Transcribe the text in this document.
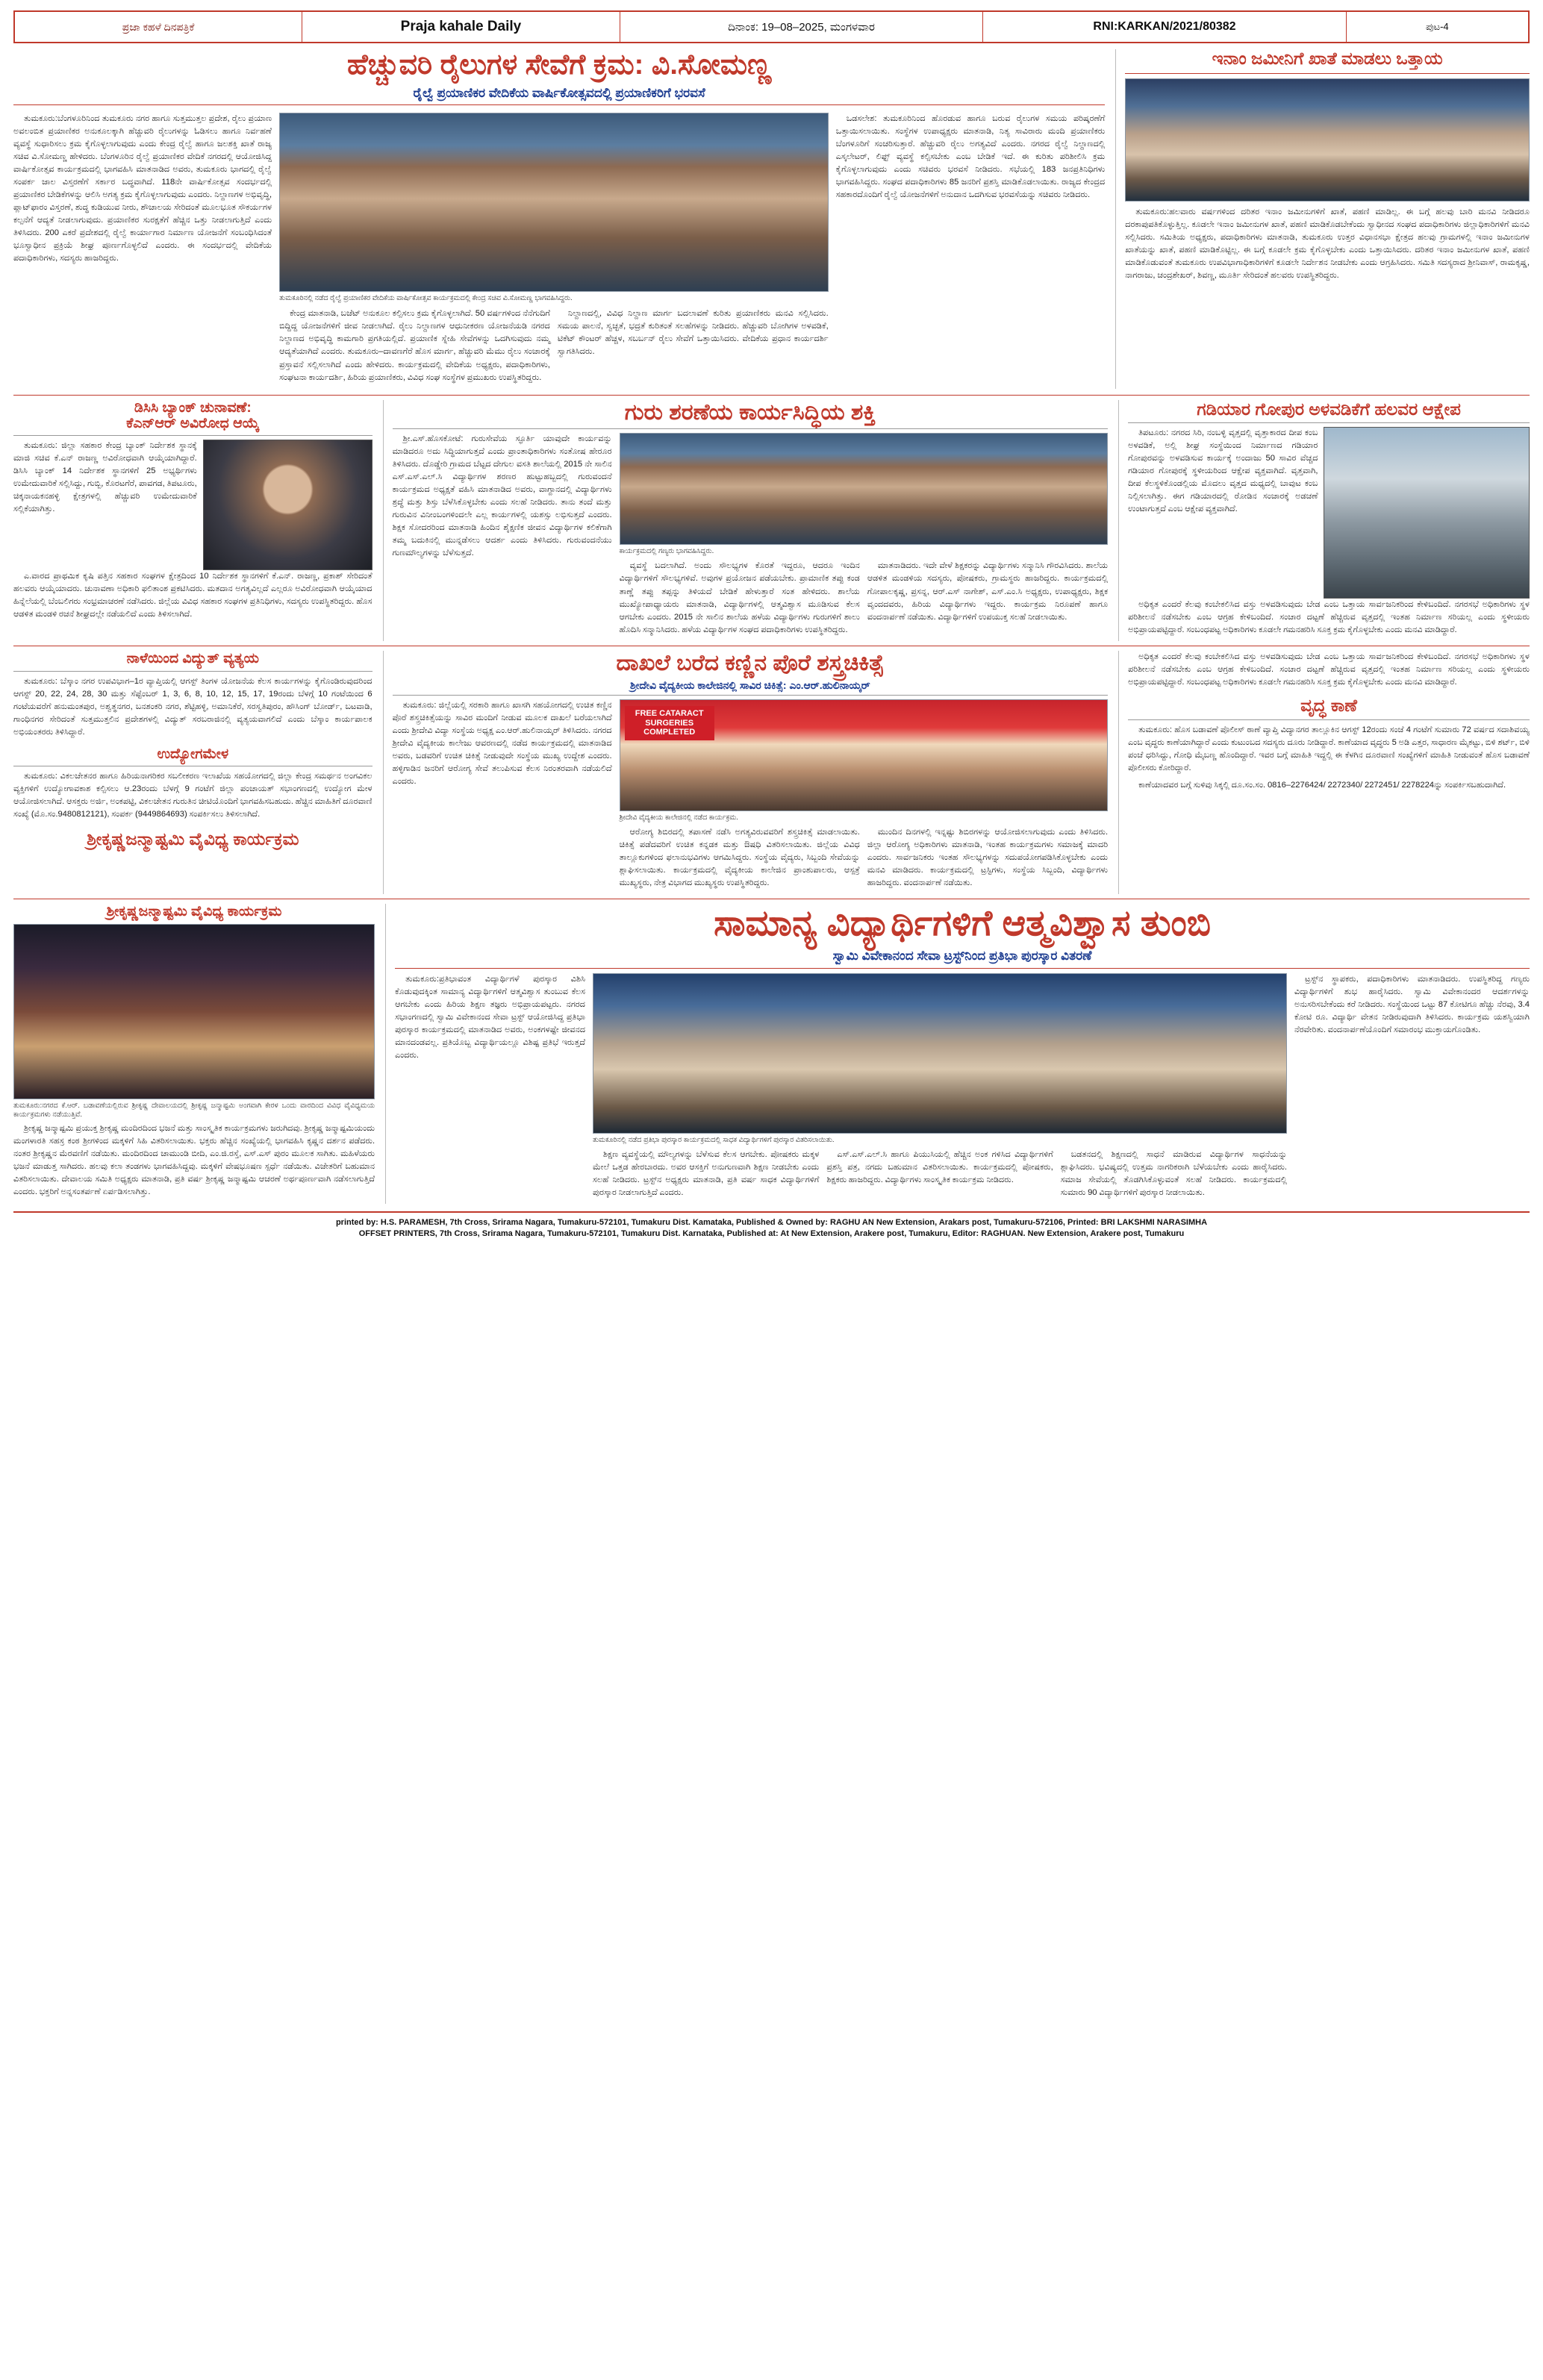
ಪ್ರಜಾ ಕಹಳೆ ದಿನಪತ್ರಿಕೆ	Praja kahale Daily	ದಿನಾಂಕ: 19–08–2025, ಮಂಗಳವಾರ	RNI:KARKAN/2021/80382	ಪುಟ-4
ಹೆಚ್ಚುವರಿ ರೈಲುಗಳ ಸೇವೆಗೆ ಕ್ರಮ: ವಿ.ಸೋಮಣ್ಣ
ರೈಲ್ವೆ ಪ್ರಯಾಣಿಕರ ವೇದಿಕೆಯ ವಾರ್ಷಿಕೋತ್ಸವದಲ್ಲಿ ಪ್ರಯಾಣಿಕರಿಗೆ ಭರವಸೆ

ತುಮಕೂರು:ಬೆಂಗಳೂರಿನಿಂದ ತುಮಕೂರು ನಗರ ಹಾಗೂ ಸುತ್ತಮುತ್ತಲ ಪ್ರದೇಶ, ರೈಲು ಪ್ರಯಾಣ ಅವಲಂಬಿತ ಪ್ರಯಾಣಿಕರ ಅನುಕೂಲಕ್ಕಾಗಿ ಹೆಚ್ಚುವರಿ ರೈಲುಗಳನ್ನು ಓಡಿಸಲು ಹಾಗೂ ನಿರ್ವಹಣೆ ವ್ಯವಸ್ಥೆ ಸುಧಾರಿಸಲು ಕ್ರಮ ಕೈಗೊಳ್ಳಲಾಗುವುದು ಎಂದು ಕೇಂದ್ರ ರೈಲ್ವೆ ಹಾಗೂ ಜಲಶಕ್ತಿ ಖಾತೆ ರಾಜ್ಯ ಸಚಿವ ವಿ.ಸೋಮಣ್ಣ ಹೇಳಿದರು. ಬೆಂಗಳೂರಿನ ರೈಲ್ವೆ ಪ್ರಯಾಣಿಕರ ವೇದಿಕೆ ನಗರದಲ್ಲಿ ಆಯೋಜಿಸಿದ್ದ ವಾರ್ಷಿಕೋತ್ಸವ ಕಾರ್ಯಕ್ರಮದಲ್ಲಿ ಭಾಗವಹಿಸಿ ಮಾತನಾಡಿದ ಅವರು, ತುಮಕೂರು ಭಾಗದಲ್ಲಿ ರೈಲ್ವೆ ಸಂಪರ್ಕ ಜಾಲ ವಿಸ್ತರಣೆಗೆ ಸರ್ಕಾರ ಬದ್ಧವಾಗಿದೆ. 118ನೇ ವಾರ್ಷಿಕೋತ್ಸವ ಸಂದರ್ಭದಲ್ಲಿ ಪ್ರಯಾಣಿಕರ ಬೇಡಿಕೆಗಳನ್ನು ಆಲಿಸಿ ಅಗತ್ಯ ಕ್ರಮ ಕೈಗೊಳ್ಳಲಾಗುವುದು ಎಂದರು. ನಿಲ್ದಾಣಗಳ ಅಭಿವೃದ್ಧಿ, ಪ್ಲಾಟ್‌ಫಾರಂ ವಿಸ್ತರಣೆ, ಶುದ್ಧ ಕುಡಿಯುವ ನೀರು, ಶೌಚಾಲಯ ಸೇರಿದಂತೆ ಮೂಲಭೂತ ಸೌಕರ್ಯಗಳ ಕಲ್ಪನೆಗೆ ಆದ್ಯತೆ ನೀಡಲಾಗುವುದು. ಪ್ರಯಾಣಿಕರ ಸುರಕ್ಷತೆಗೆ ಹೆಚ್ಚಿನ ಒತ್ತು ನೀಡಲಾಗುತ್ತಿದೆ ಎಂದು ತಿಳಿಸಿದರು. 200 ಎಕರೆ ಪ್ರದೇಶದಲ್ಲಿ ರೈಲ್ವೆ ಕಾರ್ಯಾಗಾರ ನಿರ್ಮಾಣ ಯೋಜನೆಗೆ ಸಂಬಂಧಿಸಿದಂತೆ ಭೂಸ್ವಾಧೀನ ಪ್ರಕ್ರಿಯೆ ಶೀಘ್ರ ಪೂರ್ಣಗೊಳ್ಳಲಿದೆ ಎಂದರು. ಈ ಸಂದರ್ಭದಲ್ಲಿ ವೇದಿಕೆಯ ಪದಾಧಿಕಾರಿಗಳು, ಸದಸ್ಯರು ಹಾಜರಿದ್ದರು.

ತುಮಕೂರಿನಲ್ಲಿ ನಡೆದ ರೈಲ್ವೆ ಪ್ರಯಾಣಿಕರ ವೇದಿಕೆಯ ವಾರ್ಷಿಕೋತ್ಸವ ಕಾರ್ಯಕ್ರಮದಲ್ಲಿ ಕೇಂದ್ರ ಸಚಿವ ವಿ.ಸೋಮಣ್ಣ ಭಾಗವಹಿಸಿದ್ದರು.

ಕೇಂದ್ರ ಮಾತನಾಡಿ, ಬಜೆಟ್ ಅನುಕೂಲ ಕಲ್ಪಿಸಲು ಕ್ರಮ ಕೈಗೊಳ್ಳಲಾಗಿದೆ. 50 ವರ್ಷಗಳಿಂದ ನೆನೆಗುದಿಗೆ ಬಿದ್ದಿದ್ದ ಯೋಜನೆಗಳಿಗೆ ಜೀವ ನೀಡಲಾಗಿದೆ. ರೈಲು ನಿಲ್ದಾಣಗಳ ಆಧುನೀಕರಣ ಯೋಜನೆಯಡಿ ನಗರದ ನಿಲ್ದಾಣದ ಅಭಿವೃದ್ಧಿ ಕಾಮಗಾರಿ ಪ್ರಗತಿಯಲ್ಲಿದೆ. ಪ್ರಯಾಣಿಕ ಸ್ನೇಹಿ ಸೇವೆಗಳನ್ನು ಒದಗಿಸುವುದು ನಮ್ಮ ಆದ್ಯತೆಯಾಗಿದೆ ಎಂದರು. ತುಮಕೂರು–ದಾವಣಗೆರೆ ಹೊಸ ಮಾರ್ಗ, ಹೆಚ್ಚುವರಿ ಮೆಮು ರೈಲು ಸಂಚಾರಕ್ಕೆ ಪ್ರಸ್ತಾವನೆ ಸಲ್ಲಿಸಲಾಗಿದೆ ಎಂದು ಹೇಳಿದರು. ಕಾರ್ಯಕ್ರಮದಲ್ಲಿ ವೇದಿಕೆಯ ಅಧ್ಯಕ್ಷರು, ಪದಾಧಿಕಾರಿಗಳು, ಸಂಘಟನಾ ಕಾರ್ಯದರ್ಶಿ, ಹಿರಿಯ ಪ್ರಯಾಣಿಕರು, ವಿವಿಧ ಸಂಘ ಸಂಸ್ಥೆಗಳ ಪ್ರಮುಖರು ಉಪಸ್ಥಿತರಿದ್ದರು.

ನಿಲ್ದಾಣದಲ್ಲಿ, ವಿವಿಧ ನಿಲ್ದಾಣ ಮಾರ್ಗ ಬದಲಾವಣೆ ಕುರಿತು ಪ್ರಯಾಣಿಕರು ಮನವಿ ಸಲ್ಲಿಸಿದರು. ಸಮಯ ಪಾಲನೆ, ಸ್ವಚ್ಛತೆ, ಭದ್ರತೆ ಕುರಿತಂತೆ ಸಲಹೆಗಳನ್ನು ನೀಡಿದರು. ಹೆಚ್ಚುವರಿ ಬೋಗಿಗಳ ಅಳವಡಿಕೆ, ಟಿಕೆಟ್ ಕೌಂಟರ್ ಹೆಚ್ಚಳ, ಸಬರ್ಬನ್ ರೈಲು ಸೇವೆಗೆ ಒತ್ತಾಯಿಸಿದರು. ವೇದಿಕೆಯ ಪ್ರಧಾನ ಕಾರ್ಯದರ್ಶಿ ಸ್ವಾಗತಿಸಿದರು.

ಒಡಸಲೇಶ: ತುಮಕೂರಿನಿಂದ ಹೊರಡುವ ಹಾಗೂ ಬರುವ ರೈಲುಗಳ ಸಮಯ ಪರಿಷ್ಕರಣೆಗೆ ಒತ್ತಾಯಿಸಲಾಯಿತು. ಸಂಸ್ಥೆಗಳ ಉಪಾಧ್ಯಕ್ಷರು ಮಾತನಾಡಿ, ನಿತ್ಯ ಸಾವಿರಾರು ಮಂದಿ ಪ್ರಯಾಣಿಕರು ಬೆಂಗಳೂರಿಗೆ ಸಂಚರಿಸುತ್ತಾರೆ. ಹೆಚ್ಚುವರಿ ರೈಲು ಅಗತ್ಯವಿದೆ ಎಂದರು. ನಗರದ ರೈಲ್ವೆ ನಿಲ್ದಾಣದಲ್ಲಿ ಎಸ್ಕಲೇಟರ್, ಲಿಫ್ಟ್ ವ್ಯವಸ್ಥೆ ಕಲ್ಪಿಸಬೇಕು ಎಂಬ ಬೇಡಿಕೆ ಇದೆ. ಈ ಕುರಿತು ಪರಿಶೀಲಿಸಿ ಕ್ರಮ ಕೈಗೊಳ್ಳಲಾಗುವುದು ಎಂದು ಸಚಿವರು ಭರವಸೆ ನೀಡಿದರು. ಸಭೆಯಲ್ಲಿ 183 ಜನಪ್ರತಿನಿಧಿಗಳು ಭಾಗವಹಿಸಿದ್ದರು. ಸಂಘದ ಪದಾಧಿಕಾರಿಗಳು 85 ಜನರಿಗೆ ಪ್ರಶಸ್ತಿ ಮಾಡಿಕೊಡಲಾಯಿತು. ರಾಜ್ಯದ ಕೇಂದ್ರದ ಸಹಕಾರದೊಂದಿಗೆ ರೈಲ್ವೆ ಯೋಜನೆಗಳಿಗೆ ಅನುದಾನ ಒದಗಿಸುವ ಭರವಸೆಯನ್ನು ಸಚಿವರು ನೀಡಿದರು.

ಇನಾಂ ಜಮೀನಿಗೆ ಖಾತೆ ಮಾಡಲು ಒತ್ತಾಯ

ತುಮಕೂರು:ಹಲವಾರು ವರ್ಷಗಳಿಂದ ದರಿತರ ಇನಾಂ ಜಮೀನುಗಳಿಗೆ ಖಾತೆ, ಪಹಣಿ ಮಾಡಿಲ್ಲ. ಈ ಬಗ್ಗೆ ಹಲವು ಬಾರಿ ಮನವಿ ನೀಡಿದರೂ ದರಕಾಪುಪತಿಕೊಳ್ಳುತ್ತಿಲ್ಲ. ಕೂಡಲೇ ಇನಾಂ ಜಮೀನುಗಳ ಖಾತೆ, ಪಹಣಿ ಮಾಡಿಕೊಡಬೇಕೆಂದು ಸ್ವಾಧೀನದ ಸಂಘದ ಪದಾಧಿಕಾರಿಗಳು ಜಿಲ್ಲಾಧಿಕಾರಿಗಳಿಗೆ ಮನವಿ ಸಲ್ಲಿಸಿದರು. ಸಮಿತಿಯ ಅಧ್ಯಕ್ಷರು, ಪದಾಧಿಕಾರಿಗಳು ಮಾತನಾಡಿ, ತುಮಕೂರು ಉತ್ತರ ವಿಧಾನಸಭಾ ಕ್ಷೇತ್ರದ ಹಲವು ಗ್ರಾಮಗಳಲ್ಲಿ ಇನಾಂ ಜಮೀನುಗಳ ಖಾತೆಯನ್ನು ಖಾತೆ, ಪಹಣಿ ಮಾಡಿಕೊಟ್ಟಿಲ್ಲ. ಈ ಬಗ್ಗೆ ಕೂಡಲೇ ಕ್ರಮ ಕೈಗೊಳ್ಳಬೇಕು ಎಂದು ಒತ್ತಾಯಿಸಿದರು. ದರಿತರ ಇನಾಂ ಜಮೀನುಗಳ ಖಾತೆ, ಪಹಣಿ ಮಾಡಿಕೊಡುವಂತೆ ತುಮಕೂರು ಉಪವಿಭಾಗಾಧಿಕಾರಿಗಳಿಗೆ ಕೂಡಲೇ ನಿರ್ದೇಶನ ನೀಡಬೇಕು ಎಂದು ಆಗ್ರಹಿಸಿದರು. ಸಮಿತಿ ಸದಸ್ಯರಾದ ಶ್ರೀನಿವಾಸ್, ರಾಮಕೃಷ್ಣ, ನಾಗರಾಜು, ಚಂದ್ರಶೇಖರ್, ಶಿವಣ್ಣ, ಮೂರ್ತಿ ಸೇರಿದಂತೆ ಹಲವರು ಉಪಸ್ಥಿತರಿದ್ದರು.

ಡಿಸಿಸಿ ಬ್ಯಾಂಕ್ ಚುನಾವಣೆ:
ಕೆಎನ್‌ಆರ್ ಅವಿರೋಧ ಆಯ್ಕೆ

ತುಮಕೂರು: ಜಿಲ್ಲಾ ಸಹಕಾರ ಕೇಂದ್ರ ಬ್ಯಾಂಕ್ ನಿರ್ದೇಶಕ ಸ್ಥಾನಕ್ಕೆ ಮಾಜಿ ಸಚಿವ ಕೆ.ಎನ್ ರಾಜಣ್ಣ ಅವಿರೋಧವಾಗಿ ಆಯ್ಕೆಯಾಗಿದ್ದಾರೆ. ಡಿಸಿಸಿ ಬ್ಯಾಂಕ್ 14 ನಿರ್ದೇಶಕ ಸ್ಥಾನಗಳಿಗೆ 25 ಅಭ್ಯರ್ಥಿಗಳು ಉಮೇದುವಾರಿಕೆ ಸಲ್ಲಿಸಿದ್ದು, ಗುಬ್ಬಿ, ಕೊರಟಗೆರೆ, ಪಾವಗಡ, ತಿಪಟೂರು, ಚಿಕ್ಕನಾಯಕನಹಳ್ಳಿ ಕ್ಷೇತ್ರಗಳಲ್ಲಿ ಹೆಚ್ಚುವರಿ ಉಮೇದುವಾರಿಕೆ ಸಲ್ಲಿಕೆಯಾಗಿತ್ತು.

ಎ.ವಾರದ ಪ್ರಾಥಮಿಕ ಕೃಷಿ ಪತ್ತಿನ ಸಹಕಾರ ಸಂಘಗಳ ಕ್ಷೇತ್ರದಿಂದ 10 ನಿರ್ದೇಶಕ ಸ್ಥಾನಗಳಿಗೆ ಕೆ.ಎನ್. ರಾಜಣ್ಣ, ಪ್ರಕಾಶ್ ಸೇರಿದಂತೆ ಹಲವರು ಆಯ್ಕೆಯಾದರು. ಚುನಾವಣಾ ಅಧಿಕಾರಿ ಫಲಿತಾಂಶ ಪ್ರಕಟಿಸಿದರು. ಮತದಾನ ಅಗತ್ಯವಿಲ್ಲದೆ ಎಲ್ಲರೂ ಅವಿರೋಧವಾಗಿ ಆಯ್ಕೆಯಾದ ಹಿನ್ನೆಲೆಯಲ್ಲಿ ಬೆಂಬಲಿಗರು ಸಂಭ್ರಮಾಚರಣೆ ನಡೆಸಿದರು. ಜಿಲ್ಲೆಯ ವಿವಿಧ ಸಹಕಾರ ಸಂಘಗಳ ಪ್ರತಿನಿಧಿಗಳು, ಸದಸ್ಯರು ಉಪಸ್ಥಿತರಿದ್ದರು. ಹೊಸ ಆಡಳಿತ ಮಂಡಳಿ ರಚನೆ ಶೀಘ್ರದಲ್ಲೇ ನಡೆಯಲಿದೆ ಎಂದು ತಿಳಿಸಲಾಗಿದೆ.

ಗುರು ಶರಣೆಯ ಕಾರ್ಯಸಿದ್ಧಿಯ ಶಕ್ತಿ

ಶ್ರೀ.ಎಸ್.ಹೊಸಕೋಟೆ: ಗುರುಸೇವೆಯ ಸ್ಫೂರ್ತಿ ಯಾವುದೇ ಕಾರ್ಯವನ್ನು ಮಾಡಿದರೂ ಅದು ಸಿದ್ಧಿಯಾಗುತ್ತದೆ ಎಂದು ಪ್ರಾಂತಾಧಿಕಾರಿಗಳು ಸಂತೋಷ ಹೇರೂರ ತಿಳಿಸಿದರು. ದೊಡ್ಡೇರಿ ಗ್ರಾಮದ ಬೆಟ್ಟದ ದೇಗುಲ ವಸತಿ ಶಾಲೆಯಲ್ಲಿ 2015 ನೇ ಸಾಲಿನ ಎಸ್.ಎಸ್.ಎಲ್.ಸಿ ವಿದ್ಯಾರ್ಥಿಗಳ ಶರಣರ ಹುಟ್ಟುಹಬ್ಬದಲ್ಲಿ ಗುರುವಂದನೆ ಕಾರ್ಯಕ್ರಮದ ಅಧ್ಯಕ್ಷತೆ ವಹಿಸಿ ಮಾತನಾಡಿದ ಅವರು, ವಾಗ್ದಾನದಲ್ಲಿ ವಿದ್ಯಾರ್ಥಿಗಳು ಶ್ರದ್ಧೆ ಮತ್ತು ಶಿಸ್ತು ಬೆಳೆಸಿಕೊಳ್ಳಬೇಕು ಎಂದು ಸಲಹೆ ನೀಡಿದರು. ತಾನು ತಂದೆ ಮತ್ತು ಗುರುವಿನ ವಿನೀಂಬಂಗಳಿಂದಲೇ ಎಲ್ಲ ಕಾರ್ಯಗಳಲ್ಲಿ ಯಶಸ್ಸು ಲಭಿಸುತ್ತದೆ ಎಂದರು. ಶಿಕ್ಷಕ ಸೋದರರಿಂದ ಮಾತನಾಡಿ ಹಿಂದಿನ ಶೈಕ್ಷಣಿಕ ಜೀವನ ವಿದ್ಯಾರ್ಥಿಗಳ ಕಲಿಕೆಗಾಗಿ ತಮ್ಮ ಬದುಕಿನಲ್ಲಿ ಮುನ್ನಡೆಸಲು ಆದರ್ಶ ಎಂದು ತಿಳಿಸಿದರು. ಗುರುವಂದನೆಯು ಗುಣಮೌಲ್ಯಗಳನ್ನು ಬೆಳೆಸುತ್ತದೆ.	ಕಾರ್ಯಕ್ರಮದಲ್ಲಿ ಗಣ್ಯರು ಭಾಗವಹಿಸಿದ್ದರು.

ವ್ಯವಸ್ಥೆ ಬದಲಾಗಿದೆ. ಅಂದು ಸೌಲಭ್ಯಗಳ ಕೊರತೆ ಇದ್ದರೂ, ಆದರೂ ಇಂದಿನ ವಿದ್ಯಾರ್ಥಿಗಳಿಗೆ ಸೌಲಭ್ಯಗಳಿವೆ. ಅವುಗಳ ಪ್ರಯೋಜನ ಪಡೆಯಬೇಕು. ಪ್ರಾಮಾಣಿಕ ತಪ್ಪು ಕಂಡ ತಾಣ್ಣೆ ತಪ್ಪು ತಪ್ಪನ್ನು ತಿಳಿಯದೆ ಬೇಡಿಕೆ ಹೇಳುತ್ತಾರೆ ಸಂತ ಹೇಳಿದರು. ಶಾಲೆಯ ಮುಖ್ಯೋಪಾಧ್ಯಾಯರು ಮಾತನಾಡಿ, ವಿದ್ಯಾರ್ಥಿಗಳಲ್ಲಿ ಆತ್ಮವಿಶ್ವಾಸ ಮೂಡಿಸುವ ಕೆಲಸ ಆಗಬೇಕು ಎಂದರು. 2015 ನೇ ಸಾಲಿನ ಶಾಲೆಯ ಹಳೆಯ ವಿದ್ಯಾರ್ಥಿಗಳು ಗುರುಗಳಿಗೆ ಶಾಲು ಹೊದಿಸಿ ಸನ್ಮಾನಿಸಿದರು. ಹಳೆಯ ವಿದ್ಯಾರ್ಥಿಗಳ ಸಂಘದ ಪದಾಧಿಕಾರಿಗಳು ಉಪಸ್ಥಿತರಿದ್ದರು.

ಮಾತನಾಡಿದರು. ಇದೇ ವೇಳೆ ಶಿಕ್ಷಕರನ್ನು ವಿದ್ಯಾರ್ಥಿಗಳು ಸನ್ಮಾನಿಸಿ ಗೌರವಿಸಿದರು. ಶಾಲೆಯ ಆಡಳಿತ ಮಂಡಳಿಯ ಸದಸ್ಯರು, ಪೋಷಕರು, ಗ್ರಾಮಸ್ಥರು ಹಾಜರಿದ್ದರು. ಕಾರ್ಯಕ್ರಮದಲ್ಲಿ ಗೋಪಾಲಕೃಷ್ಣ, ಪ್ರಸನ್ನ, ಆರ್.ಎಸ್ ನಾಗೇಶ್, ಎಸ್.ಎಂ.ಸಿ ಅಧ್ಯಕ್ಷರು, ಉಪಾಧ್ಯಕ್ಷರು, ಶಿಕ್ಷಕ ವೃಂದದವರು, ಹಿರಿಯ ವಿದ್ಯಾರ್ಥಿಗಳು ಇದ್ದರು. ಕಾರ್ಯಕ್ರಮ ನಿರೂಪಣೆ ಹಾಗೂ ವಂದನಾರ್ಪಣೆ ನಡೆಯಿತು. ವಿದ್ಯಾರ್ಥಿಗಳಿಗೆ ಉಪಯುಕ್ತ ಸಲಹೆ ನೀಡಲಾಯಿತು.

ಗಡಿಯಾರ ಗೋಪುರ ಅಳವಡಿಕೆಗೆ ಹಲವರ ಆಕ್ಷೇಪ

ತಿಪಟೂರು: ನಗರದ ಸಿರಿ, ನಂಬಳ್ಳಿ ವೃತ್ತದಲ್ಲಿ ವೃತ್ತಾಕಾರದ ದೀಪ ಕಂಬ ಅಳವಡಿಕೆ, ಅಲ್ಲಿ ಶೀಘ್ರ ಸಂಸ್ಥೆಯಿಂದ ನಿರ್ಮಾಣದ ಗಡಿಯಾರ ಗೋಪುರವನ್ನು ಅಳವಡಿಸುವ ಕಾರ್ಯಕ್ಕೆ ಅಂದಾಜು 50 ಸಾವಿರ ವೆಚ್ಚದ ಗಡಿಯಾರ ಗೋಪುರಕ್ಕೆ ಸ್ಥಳೀಯರಿಂದ ಆಕ್ಷೇಪ ವ್ಯಕ್ತವಾಗಿದೆ. ವೃತ್ತವಾಗಿ, ದೀಪ ಕೆಲಸ್ಥಳಿಕೊಂಡಲ್ಲಿಯ ಮೊದಲು ವೃತ್ತದ ಮಧ್ಯದಲ್ಲಿ ಬಾವುಟ ಕಂಬ ನಿಲ್ಲಿಸಲಾಗಿತ್ತು. ಈಗ ಗಡಿಯಾರದಲ್ಲಿ ರೋಡಿನ ಸಂಚಾರಕ್ಕೆ ಅಡಚಣೆ ಉಂಟಾಗುತ್ತದೆ ಎಂಬ ಆಕ್ಷೇಪ ವ್ಯಕ್ತವಾಗಿದೆ.

ಅಧಿಕೃತ ಎಂದರೆ ಕೆಲವು ಕಂಬೇಕಲಿಸಿದ ವಸ್ತು ಅಳವಡಿಸುವುದು ಬೇಡ ಎಂಬ ಒತ್ತಾಯ ಸಾರ್ವಜನಿಕರಿಂದ ಕೇಳಿಬಂದಿದೆ. ನಗರಸಭೆ ಅಧಿಕಾರಿಗಳು ಸ್ಥಳ ಪರಿಶೀಲನೆ ನಡೆಸಬೇಕು ಎಂಬ ಆಗ್ರಹ ಕೇಳಿಬಂದಿದೆ. ಸಂಚಾರ ದಟ್ಟಣೆ ಹೆಚ್ಚಿರುವ ವೃತ್ತದಲ್ಲಿ ಇಂತಹ ನಿರ್ಮಾಣ ಸರಿಯಲ್ಲ ಎಂದು ಸ್ಥಳೀಯರು ಅಭಿಪ್ರಾಯಪಟ್ಟಿದ್ದಾರೆ. ಸಂಬಂಧಪಟ್ಟ ಅಧಿಕಾರಿಗಳು ಕೂಡಲೇ ಗಮನಹರಿಸಿ ಸೂಕ್ತ ಕ್ರಮ ಕೈಗೊಳ್ಳಬೇಕು ಎಂದು ಮನವಿ ಮಾಡಿದ್ದಾರೆ.

ನಾಳೆಯಿಂದ ವಿದ್ಯುತ್ ವ್ಯತ್ಯಯ

ತುಮಕೂರು: ಬೆಸ್ಕಾಂ ನಗರ ಉಪವಿಭಾಗ–1ರ ವ್ಯಾಪ್ತಿಯಲ್ಲಿ ಆಗಸ್ಟ್ ತಿಂಗಳ ಯೋಜನೆಯ ಕೆಲಸ ಕಾರ್ಯಗಳನ್ನು ಕೈಗೊಂಡಿರುವುದರಿಂದ ಆಗಸ್ಟ್ 20, 22, 24, 28, 30 ಮತ್ತು ಸೆಪ್ಟೆಂಬರ್ 1, 3, 6, 8, 10, 12, 15, 17, 19ರಂದು ಬೆಳಗ್ಗೆ 10 ಗಂಟೆಯಿಂದ 6 ಗಂಟೆಯವರೆಗೆ ಹನುಮಂತಪುರ, ಅಶ್ವತ್ಥನಗರ, ಬನಶಂಕರಿ ನಗರ, ಶೆಟ್ಟಿಹಳ್ಳಿ, ಅಮಾನಿಕೆರೆ, ಸರಸ್ವತಿಪುರಂ, ಹೌಸಿಂಗ್ ಬೋರ್ಡ್, ಬಟವಾಡಿ, ಗಾಂಧಿನಗರ ಸೇರಿದಂತೆ ಸುತ್ತಮುತ್ತಲಿನ ಪ್ರದೇಶಗಳಲ್ಲಿ ವಿದ್ಯುತ್ ಸರಬರಾಜಿನಲ್ಲಿ ವ್ಯತ್ಯಯವಾಗಲಿದೆ ಎಂದು ಬೆಸ್ಕಾಂ ಕಾರ್ಯಪಾಲಕ ಅಭಿಯಂತರರು ತಿಳಿಸಿದ್ದಾರೆ.

ಉದ್ಯೋಗಮೇಳ

ತುಮಕೂರು: ವಿಕಲಚೇತನರ ಹಾಗೂ ಹಿರಿಯನಾಗರಿಕರ ಸಬಲೀಕರಣ ಇಲಾಖೆಯ ಸಹಯೋಗದಲ್ಲಿ ಜಿಲ್ಲಾ ಕೇಂದ್ರ ಸಮರ್ಥನ ಅಂಗವಿಕಲ ವ್ಯಕ್ತಿಗಳಿಗೆ ಉದ್ಯೋಗಾವಕಾಶ ಕಲ್ಪಿಸಲು ಆ.23ರಂದು ಬೆಳಗ್ಗೆ 9 ಗಂಟೆಗೆ ಜಿಲ್ಲಾ ಪಂಚಾಯತ್ ಸಭಾಂಗಣದಲ್ಲಿ ಉದ್ಯೋಗ ಮೇಳ ಆಯೋಜಿಸಲಾಗಿದೆ. ಆಸಕ್ತರು ಅರ್ಜಿ, ಅಂಕಪಟ್ಟಿ, ವಿಕಲಚೇತನ ಗುರುತಿನ ಚೀಟಿಯೊಂದಿಗೆ ಭಾಗವಹಿಸಬಹುದು. ಹೆಚ್ಚಿನ ಮಾಹಿತಿಗೆ ದೂರವಾಣಿ ಸಂಖ್ಯೆ (ಮೊ.ಸಂ.9480812121), ಸಂಪರ್ಕ (9449864693) ಸಂಪರ್ಕಿಸಲು ತಿಳಿಸಲಾಗಿದೆ.

ಶ್ರೀಕೃಷ್ಣಜನ್ಮಾಷ್ಟಮಿ ವೈವಿಧ್ಯ ಕಾರ್ಯಕ್ರಮ
ದಾಖಲೆ ಬರೆದ ಕಣ್ಣಿನ ಪೊರೆ ಶಸ್ತ್ರಚಿಕಿತ್ಸೆ
ಶ್ರೀದೇವಿ ವೈದ್ಯಕೀಯ ಕಾಲೇಜಿನಲ್ಲಿ ಸಾವಿರ ಚಿಕಿತ್ಸೆ: ಎಂ.ಆರ್.ಹುಲಿನಾಯ್ಕರ್

ತುಮಕೂರು: ಜಿಲ್ಲೆಯಲ್ಲಿ ಸರಕಾರಿ ಹಾಗೂ ಖಾಸಗಿ ಸಹಯೋಗದಲ್ಲಿ ಉಚಿತ ಕಣ್ಣಿನ ಪೊರೆ ಶಸ್ತ್ರಚಿಕಿತ್ಸೆಯನ್ನು ಸಾವಿರ ಮಂದಿಗೆ ನೀಡುವ ಮೂಲಕ ದಾಖಲೆ ಬರೆಯಲಾಗಿದೆ ಎಂದು ಶ್ರೀದೇವಿ ವಿದ್ಯಾ ಸಂಸ್ಥೆಯ ಅಧ್ಯಕ್ಷ ಎಂ.ಆರ್.ಹುಲಿನಾಯ್ಕರ್ ತಿಳಿಸಿದರು. ನಗರದ ಶ್ರೀದೇವಿ ವೈದ್ಯಕೀಯ ಕಾಲೇಜು ಆವರಣದಲ್ಲಿ ನಡೆದ ಕಾರ್ಯಕ್ರಮದಲ್ಲಿ ಮಾತನಾಡಿದ ಅವರು, ಬಡವರಿಗೆ ಉಚಿತ ಚಿಕಿತ್ಸೆ ನೀಡುವುದೇ ಸಂಸ್ಥೆಯ ಮುಖ್ಯ ಉದ್ದೇಶ ಎಂದರು. ಹಳ್ಳಿಗಾಡಿನ ಜನರಿಗೆ ಆರೋಗ್ಯ ಸೇವೆ ತಲುಪಿಸುವ ಕೆಲಸ ನಿರಂತರವಾಗಿ ನಡೆಯಲಿದೆ ಎಂದರು.

FREE CATARACT SURGERIES COMPLETED
ಶ್ರೀದೇವಿ ವೈದ್ಯಕೀಯ ಕಾಲೇಜಿನಲ್ಲಿ ನಡೆದ ಕಾರ್ಯಕ್ರಮ.

ಆರೋಗ್ಯ ಶಿಬಿರದಲ್ಲಿ ತಪಾಸಣೆ ನಡೆಸಿ ಅಗತ್ಯವಿರುವವರಿಗೆ ಶಸ್ತ್ರಚಿಕಿತ್ಸೆ ಮಾಡಲಾಯಿತು. ಚಿಕಿತ್ಸೆ ಪಡೆದವರಿಗೆ ಉಚಿತ ಕನ್ನಡಕ ಮತ್ತು ಔಷಧಿ ವಿತರಿಸಲಾಯಿತು. ಜಿಲ್ಲೆಯ ವಿವಿಧ ತಾಲ್ಲೂಕುಗಳಿಂದ ಫಲಾನುಭವಿಗಳು ಆಗಮಿಸಿದ್ದರು. ಸಂಸ್ಥೆಯ ವೈದ್ಯರು, ಸಿಬ್ಬಂದಿ ಸೇವೆಯನ್ನು ಶ್ಲಾಘಿಸಲಾಯಿತು. ಕಾರ್ಯಕ್ರಮದಲ್ಲಿ ವೈದ್ಯಕೀಯ ಕಾಲೇಜಿನ ಪ್ರಾಂಶುಪಾಲರು, ಆಸ್ಪತ್ರೆ ಮುಖ್ಯಸ್ಥರು, ನೇತ್ರ ವಿಭಾಗದ ಮುಖ್ಯಸ್ಥರು ಉಪಸ್ಥಿತರಿದ್ದರು.

ಮುಂದಿನ ದಿನಗಳಲ್ಲಿ ಇನ್ನಷ್ಟು ಶಿಬಿರಗಳನ್ನು ಆಯೋಜಿಸಲಾಗುವುದು ಎಂದು ತಿಳಿಸಿದರು. ಜಿಲ್ಲಾ ಆರೋಗ್ಯ ಅಧಿಕಾರಿಗಳು ಮಾತನಾಡಿ, ಇಂತಹ ಕಾರ್ಯಕ್ರಮಗಳು ಸಮಾಜಕ್ಕೆ ಮಾದರಿ ಎಂದರು. ಸಾರ್ವಜನಿಕರು ಇಂತಹ ಸೌಲಭ್ಯಗಳನ್ನು ಸದುಪಯೋಗಪಡಿಸಿಕೊಳ್ಳಬೇಕು ಎಂದು ಮನವಿ ಮಾಡಿದರು. ಕಾರ್ಯಕ್ರಮದಲ್ಲಿ ಟ್ರಸ್ಟಿಗಳು, ಸಂಸ್ಥೆಯ ಸಿಬ್ಬಂದಿ, ವಿದ್ಯಾರ್ಥಿಗಳು ಹಾಜರಿದ್ದರು. ವಂದನಾರ್ಪಣೆ ನಡೆಯಿತು.

ಅಧಿಕೃತ ಎಂದರೆ ಕೆಲವು ಕಂಬೇಕಲಿಸಿದ ವಸ್ತು ಅಳವಡಿಸುವುದು ಬೇಡ ಎಂಬ ಒತ್ತಾಯ ಸಾರ್ವಜನಿಕರಿಂದ ಕೇಳಿಬಂದಿದೆ. ನಗರಸಭೆ ಅಧಿಕಾರಿಗಳು ಸ್ಥಳ ಪರಿಶೀಲನೆ ನಡೆಸಬೇಕು ಎಂಬ ಆಗ್ರಹ ಕೇಳಿಬಂದಿದೆ. ಸಂಚಾರ ದಟ್ಟಣೆ ಹೆಚ್ಚಿರುವ ವೃತ್ತದಲ್ಲಿ ಇಂತಹ ನಿರ್ಮಾಣ ಸರಿಯಲ್ಲ ಎಂದು ಸ್ಥಳೀಯರು ಅಭಿಪ್ರಾಯಪಟ್ಟಿದ್ದಾರೆ. ಸಂಬಂಧಪಟ್ಟ ಅಧಿಕಾರಿಗಳು ಕೂಡಲೇ ಗಮನಹರಿಸಿ ಸೂಕ್ತ ಕ್ರಮ ಕೈಗೊಳ್ಳಬೇಕು ಎಂದು ಮನವಿ ಮಾಡಿದ್ದಾರೆ.

ವೃದ್ಧ ಕಾಣೆ

ತುಮಕೂರು: ಹೊಸ ಬಡಾವಣೆ ಪೊಲೀಸ್ ಠಾಣೆ ವ್ಯಾಪ್ತಿ ವಿದ್ಯಾನಗರ ತಾಲ್ಲೂಕಿನ ಆಗಸ್ಟ್ 12ರಂದು ಸಂಜೆ 4 ಗಂಟೆಗೆ ಸುಮಾರು 72 ವರ್ಷದ ಸದಾಶಿವಯ್ಯ ಎಂಬ ವೃದ್ಧರು ಕಾಣೆಯಾಗಿದ್ದಾರೆ ಎಂದು ಕುಟುಂಬದ ಸದಸ್ಯರು ದೂರು ನೀಡಿದ್ದಾರೆ. ಕಾಣೆಯಾದ ವೃದ್ಧರು 5 ಅಡಿ ಎತ್ತರ, ಸಾಧಾರಣ ಮೈಕಟ್ಟು, ಬಿಳಿ ಶರ್ಟ್, ಬಿಳಿ ಪಂಚೆ ಧರಿಸಿದ್ದು, ಗೋಧಿ ಮೈಬಣ್ಣ ಹೊಂದಿದ್ದಾರೆ. ಇವರ ಬಗ್ಗೆ ಮಾಹಿತಿ ಇದ್ದಲ್ಲಿ ಈ ಕೆಳಗಿನ ದೂರವಾಣಿ ಸಂಖ್ಯೆಗಳಿಗೆ ಮಾಹಿತಿ ನೀಡುವಂತೆ ಹೊಸ ಬಡಾವಣೆ ಪೊಲೀಸರು ಕೋರಿದ್ದಾರೆ.

ಕಾಣೆಯಾದವರ ಬಗ್ಗೆ ಸುಳಿವು ಸಿಕ್ಕಲ್ಲಿ ದೂ.ಸಂ.ಸಂ. 0816–2276424/ 2272340/ 2272451/ 2278224ನ್ನು ಸಂಪರ್ಕಿಸಬಹುದಾಗಿದೆ.

ಶ್ರೀಕೃಷ್ಣಜನ್ಮಾಷ್ಟಮಿ ವೈವಿಧ್ಯ ಕಾರ್ಯಕ್ರಮ
ತುಮಕೂರು:ನಗರದ ಕೆ.ಆರ್. ಬಡಾವಣೆಯಲ್ಲಿರುವ ಶ್ರೀಕೃಷ್ಣ ದೇವಾಲಯದಲ್ಲಿ ಶ್ರೀಕೃಷ್ಣ ಜನ್ಮಾಷ್ಟಮಿ ಅಂಗವಾಗಿ ಕೇರಳ ಒಂದು ವಾರದಿಂದ ವಿವಿಧ ವೈವಿಧ್ಯಮಯ ಕಾರ್ಯಕ್ರಮಗಳು ನಡೆಯುತ್ತಿವೆ.

ಶ್ರೀಕೃಷ್ಣ ಜನ್ಮಾಷ್ಟಮಿ ಪ್ರಯುಕ್ತ ಶ್ರೀಕೃಷ್ಣ ಮಂದಿರದಿಂದ ಭಜನೆ ಮತ್ತು ಸಾಂಸ್ಕೃತಿಕ ಕಾರ್ಯಕ್ರಮಗಳು ಜರುಗಿದವು. ಶ್ರೀಕೃಷ್ಣ ಜನ್ಮಾಷ್ಟಮಿಯಂದು ಮಂಗಳಾರತಿ ಸಹಸ್ರ ಕಂಠ ಶ್ರೀಗಳಿಂದ ಮಕ್ಕಳಿಗೆ ಸಿಹಿ ವಿತರಿಸಲಾಯಿತು. ಭಕ್ತರು ಹೆಚ್ಚಿನ ಸಂಖ್ಯೆಯಲ್ಲಿ ಭಾಗವಹಿಸಿ ಕೃಷ್ಣನ ದರ್ಶನ ಪಡೆದರು. ನಂತರ ಶ್ರೀಕೃಷ್ಣನ ಮೆರವಣಿಗೆ ನಡೆಯಿತು. ಮಂದಿರದಿಂದ ಚಾಮುಂಡಿ ಬೀದಿ, ಎಂ.ಜಿ.ರಸ್ತೆ, ಎಸ್.ಎಸ್ ಪುರಂ ಮೂಲಕ ಸಾಗಿತು. ಮಹಿಳೆಯರು ಭಜನೆ ಮಾಡುತ್ತ ಸಾಗಿದರು. ಹಲವು ಕಲಾ ತಂಡಗಳು ಭಾಗವಹಿಸಿದ್ದವು. ಮಕ್ಕಳಿಗೆ ವೇಷಭೂಷಣ ಸ್ಪರ್ಧೆ ನಡೆಯಿತು. ವಿಜೇತರಿಗೆ ಬಹುಮಾನ ವಿತರಿಸಲಾಯಿತು. ದೇವಾಲಯ ಸಮಿತಿ ಅಧ್ಯಕ್ಷರು ಮಾತನಾಡಿ, ಪ್ರತಿ ವರ್ಷ ಶ್ರೀಕೃಷ್ಣ ಜನ್ಮಾಷ್ಟಮಿ ಆಚರಣೆ ಅರ್ಥಪೂರ್ಣವಾಗಿ ನಡೆಸಲಾಗುತ್ತಿದೆ ಎಂದರು. ಭಕ್ತರಿಗೆ ಅನ್ನಸಂತರ್ಪಣೆ ಏರ್ಪಡಿಸಲಾಗಿತ್ತು.

ಸಾಮಾನ್ಯ ವಿದ್ಯಾರ್ಥಿಗಳಿಗೆ ಆತ್ಮವಿಶ್ವಾಸ ತುಂಬಿ
ಸ್ವಾಮಿ ವಿವೇಕಾನಂದ ಸೇವಾ ಟ್ರಸ್ಟ್‌ನಿಂದ ಪ್ರತಿಭಾ ಪುರಸ್ಕಾರ ವಿತರಣೆ

ತುಮಕೂರು:ಪ್ರತಿಭಾವಂತ ವಿದ್ಯಾರ್ಥಿಗಳೆ ಪುರಸ್ಕಾರ ವಿಶಿಸಿ ಕೊಡುವುದಕ್ಕಿಂತ ಸಾಮಾನ್ಯ ವಿದ್ಯಾರ್ಥಿಗಳಿಗೆ ಆತ್ಮವಿಶ್ವಾಸ ತುಂಬುವ ಕೆಲಸ ಆಗಬೇಕು ಎಂದು ಹಿರಿಯ ಶಿಕ್ಷಣ ತಜ್ಞರು ಅಭಿಪ್ರಾಯಪಟ್ಟರು. ನಗರದ ಸಭಾಂಗಣದಲ್ಲಿ ಸ್ವಾಮಿ ವಿವೇಕಾನಂದ ಸೇವಾ ಟ್ರಸ್ಟ್ ಆಯೋಜಿಸಿದ್ದ ಪ್ರತಿಭಾ ಪುರಸ್ಕಾರ ಕಾರ್ಯಕ್ರಮದಲ್ಲಿ ಮಾತನಾಡಿದ ಅವರು, ಅಂಕಗಳಷ್ಟೇ ಜೀವನದ ಮಾನದಂಡವಲ್ಲ. ಪ್ರತಿಯೊಬ್ಬ ವಿದ್ಯಾರ್ಥಿಯಲ್ಲೂ ವಿಶಿಷ್ಟ ಪ್ರತಿಭೆ ಇರುತ್ತದೆ ಎಂದರು.

ತುಮಕೂರಿನಲ್ಲಿ ನಡೆದ ಪ್ರತಿಭಾ ಪುರಸ್ಕಾರ ಕಾರ್ಯಕ್ರಮದಲ್ಲಿ ಸಾಧಕ ವಿದ್ಯಾರ್ಥಿಗಳಿಗೆ ಪುರಸ್ಕಾರ ವಿತರಿಸಲಾಯಿತು.

ಶಿಕ್ಷಣ ವ್ಯವಸ್ಥೆಯಲ್ಲಿ ಮೌಲ್ಯಗಳನ್ನು ಬೆಳೆಸುವ ಕೆಲಸ ಆಗಬೇಕು. ಪೋಷಕರು ಮಕ್ಕಳ ಮೇಲೆ ಒತ್ತಡ ಹೇರಬಾರದು. ಅವರ ಆಸಕ್ತಿಗೆ ಅನುಗುಣವಾಗಿ ಶಿಕ್ಷಣ ನೀಡಬೇಕು ಎಂದು ಸಲಹೆ ನೀಡಿದರು. ಟ್ರಸ್ಟ್‌ನ ಅಧ್ಯಕ್ಷರು ಮಾತನಾಡಿ, ಪ್ರತಿ ವರ್ಷ ಸಾಧಕ ವಿದ್ಯಾರ್ಥಿಗಳಿಗೆ ಪುರಸ್ಕಾರ ನೀಡಲಾಗುತ್ತಿದೆ ಎಂದರು.

ಎಸ್.ಎಸ್.ಎಲ್.ಸಿ ಹಾಗೂ ಪಿಯುಸಿಯಲ್ಲಿ ಹೆಚ್ಚಿನ ಅಂಕ ಗಳಿಸಿದ ವಿದ್ಯಾರ್ಥಿಗಳಿಗೆ ಪ್ರಶಸ್ತಿ ಪತ್ರ, ನಗದು ಬಹುಮಾನ ವಿತರಿಸಲಾಯಿತು. ಕಾರ್ಯಕ್ರಮದಲ್ಲಿ ಪೋಷಕರು, ಶಿಕ್ಷಕರು ಹಾಜರಿದ್ದರು. ವಿದ್ಯಾರ್ಥಿಗಳು ಸಾಂಸ್ಕೃತಿಕ ಕಾರ್ಯಕ್ರಮ ನೀಡಿದರು.

ಬಡತನದಲ್ಲಿ ಶಿಕ್ಷಣದಲ್ಲಿ ಸಾಧನೆ ಮಾಡಿರುವ ವಿದ್ಯಾರ್ಥಿಗಳ ಸಾಧನೆಯನ್ನು ಶ್ಲಾಘಿಸಿದರು. ಭವಿಷ್ಯದಲ್ಲಿ ಉತ್ತಮ ನಾಗರಿಕರಾಗಿ ಬೆಳೆಯಬೇಕು ಎಂದು ಹಾರೈಸಿದರು. ಸಮಾಜ ಸೇವೆಯಲ್ಲಿ ತೊಡಗಿಸಿಕೊಳ್ಳುವಂತೆ ಸಲಹೆ ನೀಡಿದರು. ಕಾರ್ಯಕ್ರಮದಲ್ಲಿ ಸುಮಾರು 90 ವಿದ್ಯಾರ್ಥಿಗಳಿಗೆ ಪುರಸ್ಕಾರ ನೀಡಲಾಯಿತು.

ಟ್ರಸ್ಟ್‌ನ ಸ್ಥಾಪಕರು, ಪದಾಧಿಕಾರಿಗಳು ಮಾತನಾಡಿದರು. ಉಪಸ್ಥಿತರಿದ್ದ ಗಣ್ಯರು ವಿದ್ಯಾರ್ಥಿಗಳಿಗೆ ಶುಭ ಹಾರೈಸಿದರು. ಸ್ವಾಮಿ ವಿವೇಕಾನಂದರ ಆದರ್ಶಗಳನ್ನು ಅನುಸರಿಸಬೇಕೆಂದು ಕರೆ ನೀಡಿದರು. ಸಂಸ್ಥೆಯಿಂದ ಒಟ್ಟು 87 ಕೋಟಿಗೂ ಹೆಚ್ಚು ನೆರವು, 3.4 ಕೋಟಿ ರೂ. ವಿದ್ಯಾರ್ಥಿ ವೇತನ ನೀಡಿರುವುದಾಗಿ ತಿಳಿಸಿದರು. ಕಾರ್ಯಕ್ರಮ ಯಶಸ್ವಿಯಾಗಿ ನೆರವೇರಿತು. ವಂದನಾರ್ಪಣೆಯೊಂದಿಗೆ ಸಮಾರಂಭ ಮುಕ್ತಾಯಗೊಂಡಿತು.

printed by: H.S. PARAMESH, 7th Cross, Srirama Nagara, Tumakuru-572101, Tumakuru Dist. Kamataka, Published & Owned by: RAGHU AN New Extension, Arakars post, Tumakuru-572106, Printed: BRI LAKSHMI NARASIMHA
OFFSET PRINTERS, 7th Cross, Srirama Nagara, Tumakuru-572101, Tumakuru Dist. Karnataka, Published at: At New Extension, Arakere post, Tumakuru, Editor: RAGHUAN. New Extension, Arakere post, Tumakuru
